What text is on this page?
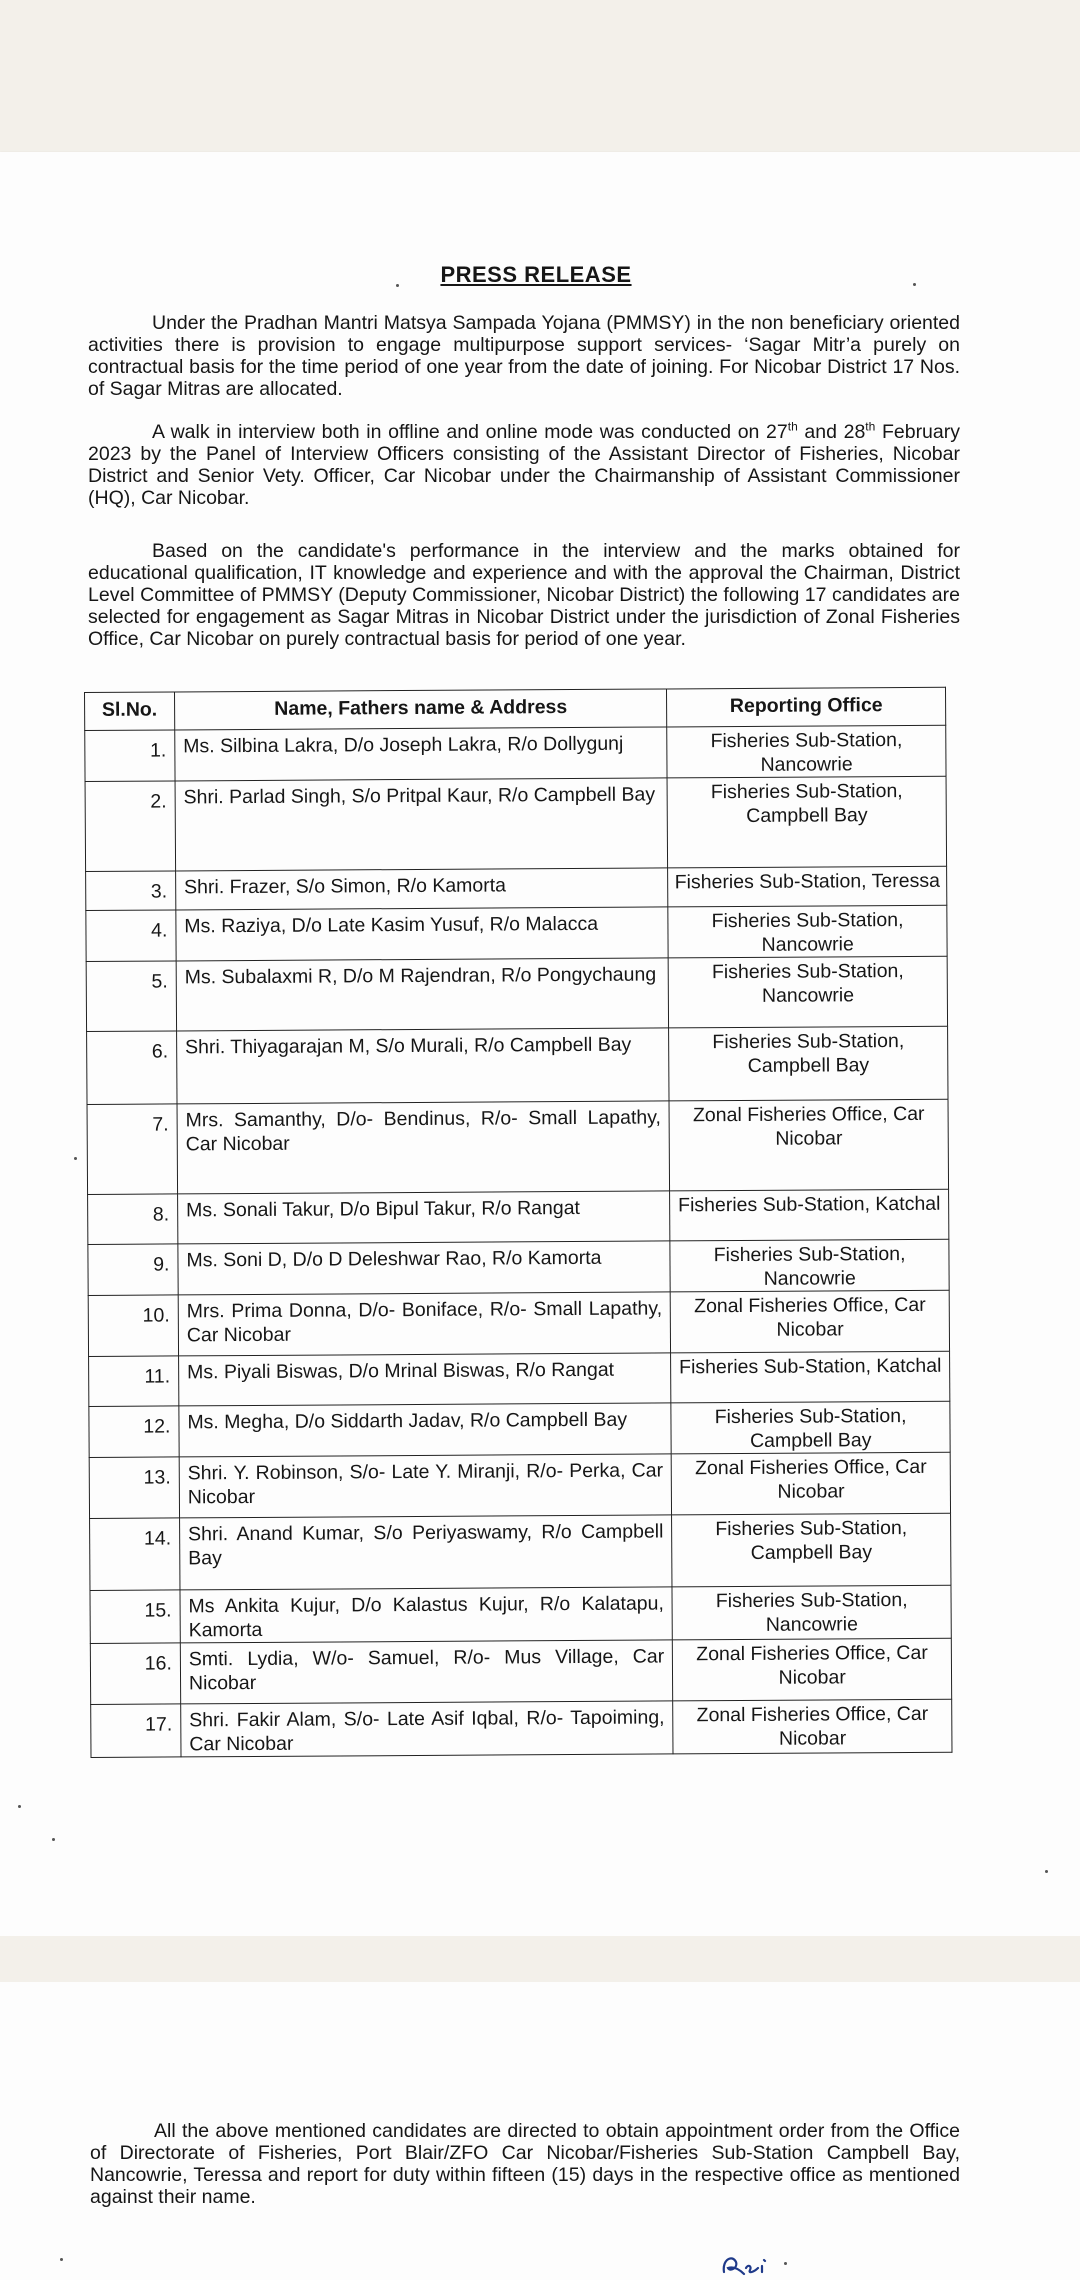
PRESS RELEASE

Under the Pradhan Mantri Matsya Sampada Yojana (PMMSY) in the non beneficiary oriented activities there is provision to engage multipurpose support services- ‘Sagar Mitr’a purely on contractual basis for the time period of one year from the date of joining. For Nicobar District 17 Nos. of Sagar Mitras are allocated.

A walk in interview both in offline and online mode was conducted on 27th and 28th February 2023 by the Panel of Interview Officers consisting of the Assistant Director of Fisheries, Nicobar District and Senior Vety. Officer, Car Nicobar under the Chairmanship of Assistant Commissioner (HQ), Car Nicobar.

Based on the candidate's performance in the interview and the marks obtained for educational qualification, IT knowledge and experience and with the approval the Chairman, District Level Committee of PMMSY (Deputy Commissioner, Nicobar District) the following 17 candidates are selected for engagement as Sagar Mitras in Nicobar District under the jurisdiction of Zonal Fisheries Office, Car Nicobar on purely contractual basis for period of one year.

Sl.No.	Name, Fathers name & Address	Reporting Office
1.	Ms. Silbina Lakra, D/o Joseph Lakra, R/o Dollygunj	Fisheries Sub-Station, Nancowrie
2.	Shri. Parlad Singh, S/o Pritpal Kaur, R/o Campbell Bay	Fisheries Sub-Station, Campbell Bay
3.	Shri. Frazer, S/o Simon, R/o Kamorta	Fisheries Sub-Station, Teressa
4.	Ms. Raziya, D/o Late Kasim Yusuf, R/o Malacca	Fisheries Sub-Station, Nancowrie
5.	Ms. Subalaxmi R, D/o M Rajendran, R/o Pongychaung	Fisheries Sub-Station, Nancowrie
6.	Shri. Thiyagarajan M, S/o Murali, R/o Campbell Bay	Fisheries Sub-Station, Campbell Bay
7.	Mrs. Samanthy, D/o- Bendinus, R/o- Small Lapathy, Car Nicobar	Zonal Fisheries Office, Car Nicobar
8.	Ms. Sonali Takur, D/o Bipul Takur, R/o Rangat	Fisheries Sub-Station, Katchal
9.	Ms. Soni D, D/o D Deleshwar Rao, R/o Kamorta	Fisheries Sub-Station, Nancowrie
10.	Mrs. Prima Donna, D/o- Boniface, R/o- Small Lapathy, Car Nicobar	Zonal Fisheries Office, Car Nicobar
11.	Ms. Piyali Biswas, D/o Mrinal Biswas, R/o Rangat	Fisheries Sub-Station, Katchal
12.	Ms. Megha, D/o Siddarth Jadav, R/o Campbell Bay	Fisheries Sub-Station, Campbell Bay
13.	Shri. Y. Robinson, S/o- Late Y. Miranji, R/o- Perka, Car Nicobar	Zonal Fisheries Office, Car Nicobar
14.	Shri. Anand Kumar, S/o Periyaswamy, R/o Campbell Bay	Fisheries Sub-Station, Campbell Bay
15.	Ms Ankita Kujur, D/o Kalastus Kujur, R/o Kalatapu, Kamorta	Fisheries Sub-Station, Nancowrie
16.	Smti. Lydia, W/o- Samuel, R/o- Mus Village, Car Nicobar	Zonal Fisheries Office, Car Nicobar
17.	Shri. Fakir Alam, S/o- Late Asif Iqbal, R/o- Tapoiming, Car Nicobar	Zonal Fisheries Office, Car Nicobar

All the above mentioned candidates are directed to obtain appointment order from the Office of Directorate of Fisheries, Port Blair/ZFO Car Nicobar/Fisheries Sub-Station Campbell Bay, Nancowrie, Teressa and report for duty within fifteen (15) days in the respective office as mentioned against their name.
